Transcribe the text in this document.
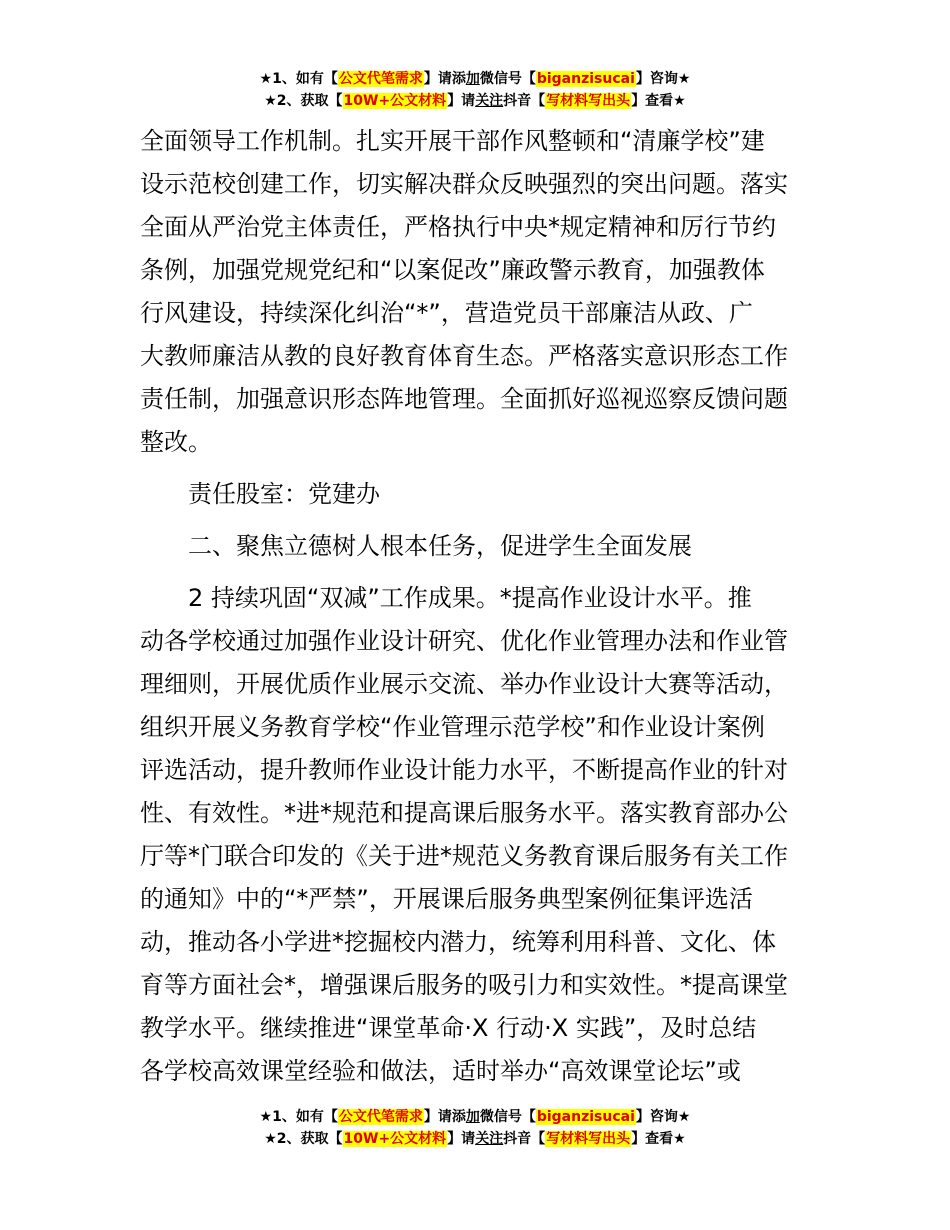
★1、如有【公文代笔需求】请添加微信号【biganzisucai】咨询★
★2、获取【10W+公文材料】请关注抖音【写材料写出头】查看★

全面领导工作机制。扎实开展干部作风整顿和“清廉学校”建

设示范校创建工作，切实解决群众反映强烈的突出问题。落实

全面从严治党主体责任，严格执行中央*规定精神和厉行节约

条例，加强党规党纪和“以案促改”廉政警示教育，加强教体

行风建设，持续深化纠治“*”，营造党员干部廉洁从政、广

大教师廉洁从教的良好教育体育生态。严格落实意识形态工作

责任制，加强意识形态阵地管理。全面抓好巡视巡察反馈问题

整改。

责任股室：党建办

二、聚焦立德树人根本任务，促进学生全面发展

2 持续巩固“双减”工作成果。*提高作业设计水平。推

动各学校通过加强作业设计研究、优化作业管理办法和作业管

理细则，开展优质作业展示交流、举办作业设计大赛等活动，

组织开展义务教育学校“作业管理示范学校”和作业设计案例

评选活动，提升教师作业设计能力水平，不断提高作业的针对

性、有效性。*进*规范和提高课后服务水平。落实教育部办公

厅等*门联合印发的《关于进*规范义务教育课后服务有关工作

的通知》中的“*严禁”，开展课后服务典型案例征集评选活

动，推动各小学进*挖掘校内潜力，统筹利用科普、文化、体

育等方面社会*，增强课后服务的吸引力和实效性。*提高课堂

教学水平。继续推进“课堂革命·X 行动·X 实践”，及时总结

各学校高效课堂经验和做法，适时举办“高效课堂论坛”或

★1、如有【公文代笔需求】请添加微信号【biganzisucai】咨询★
★2、获取【10W+公文材料】请关注抖音【写材料写出头】查看★
